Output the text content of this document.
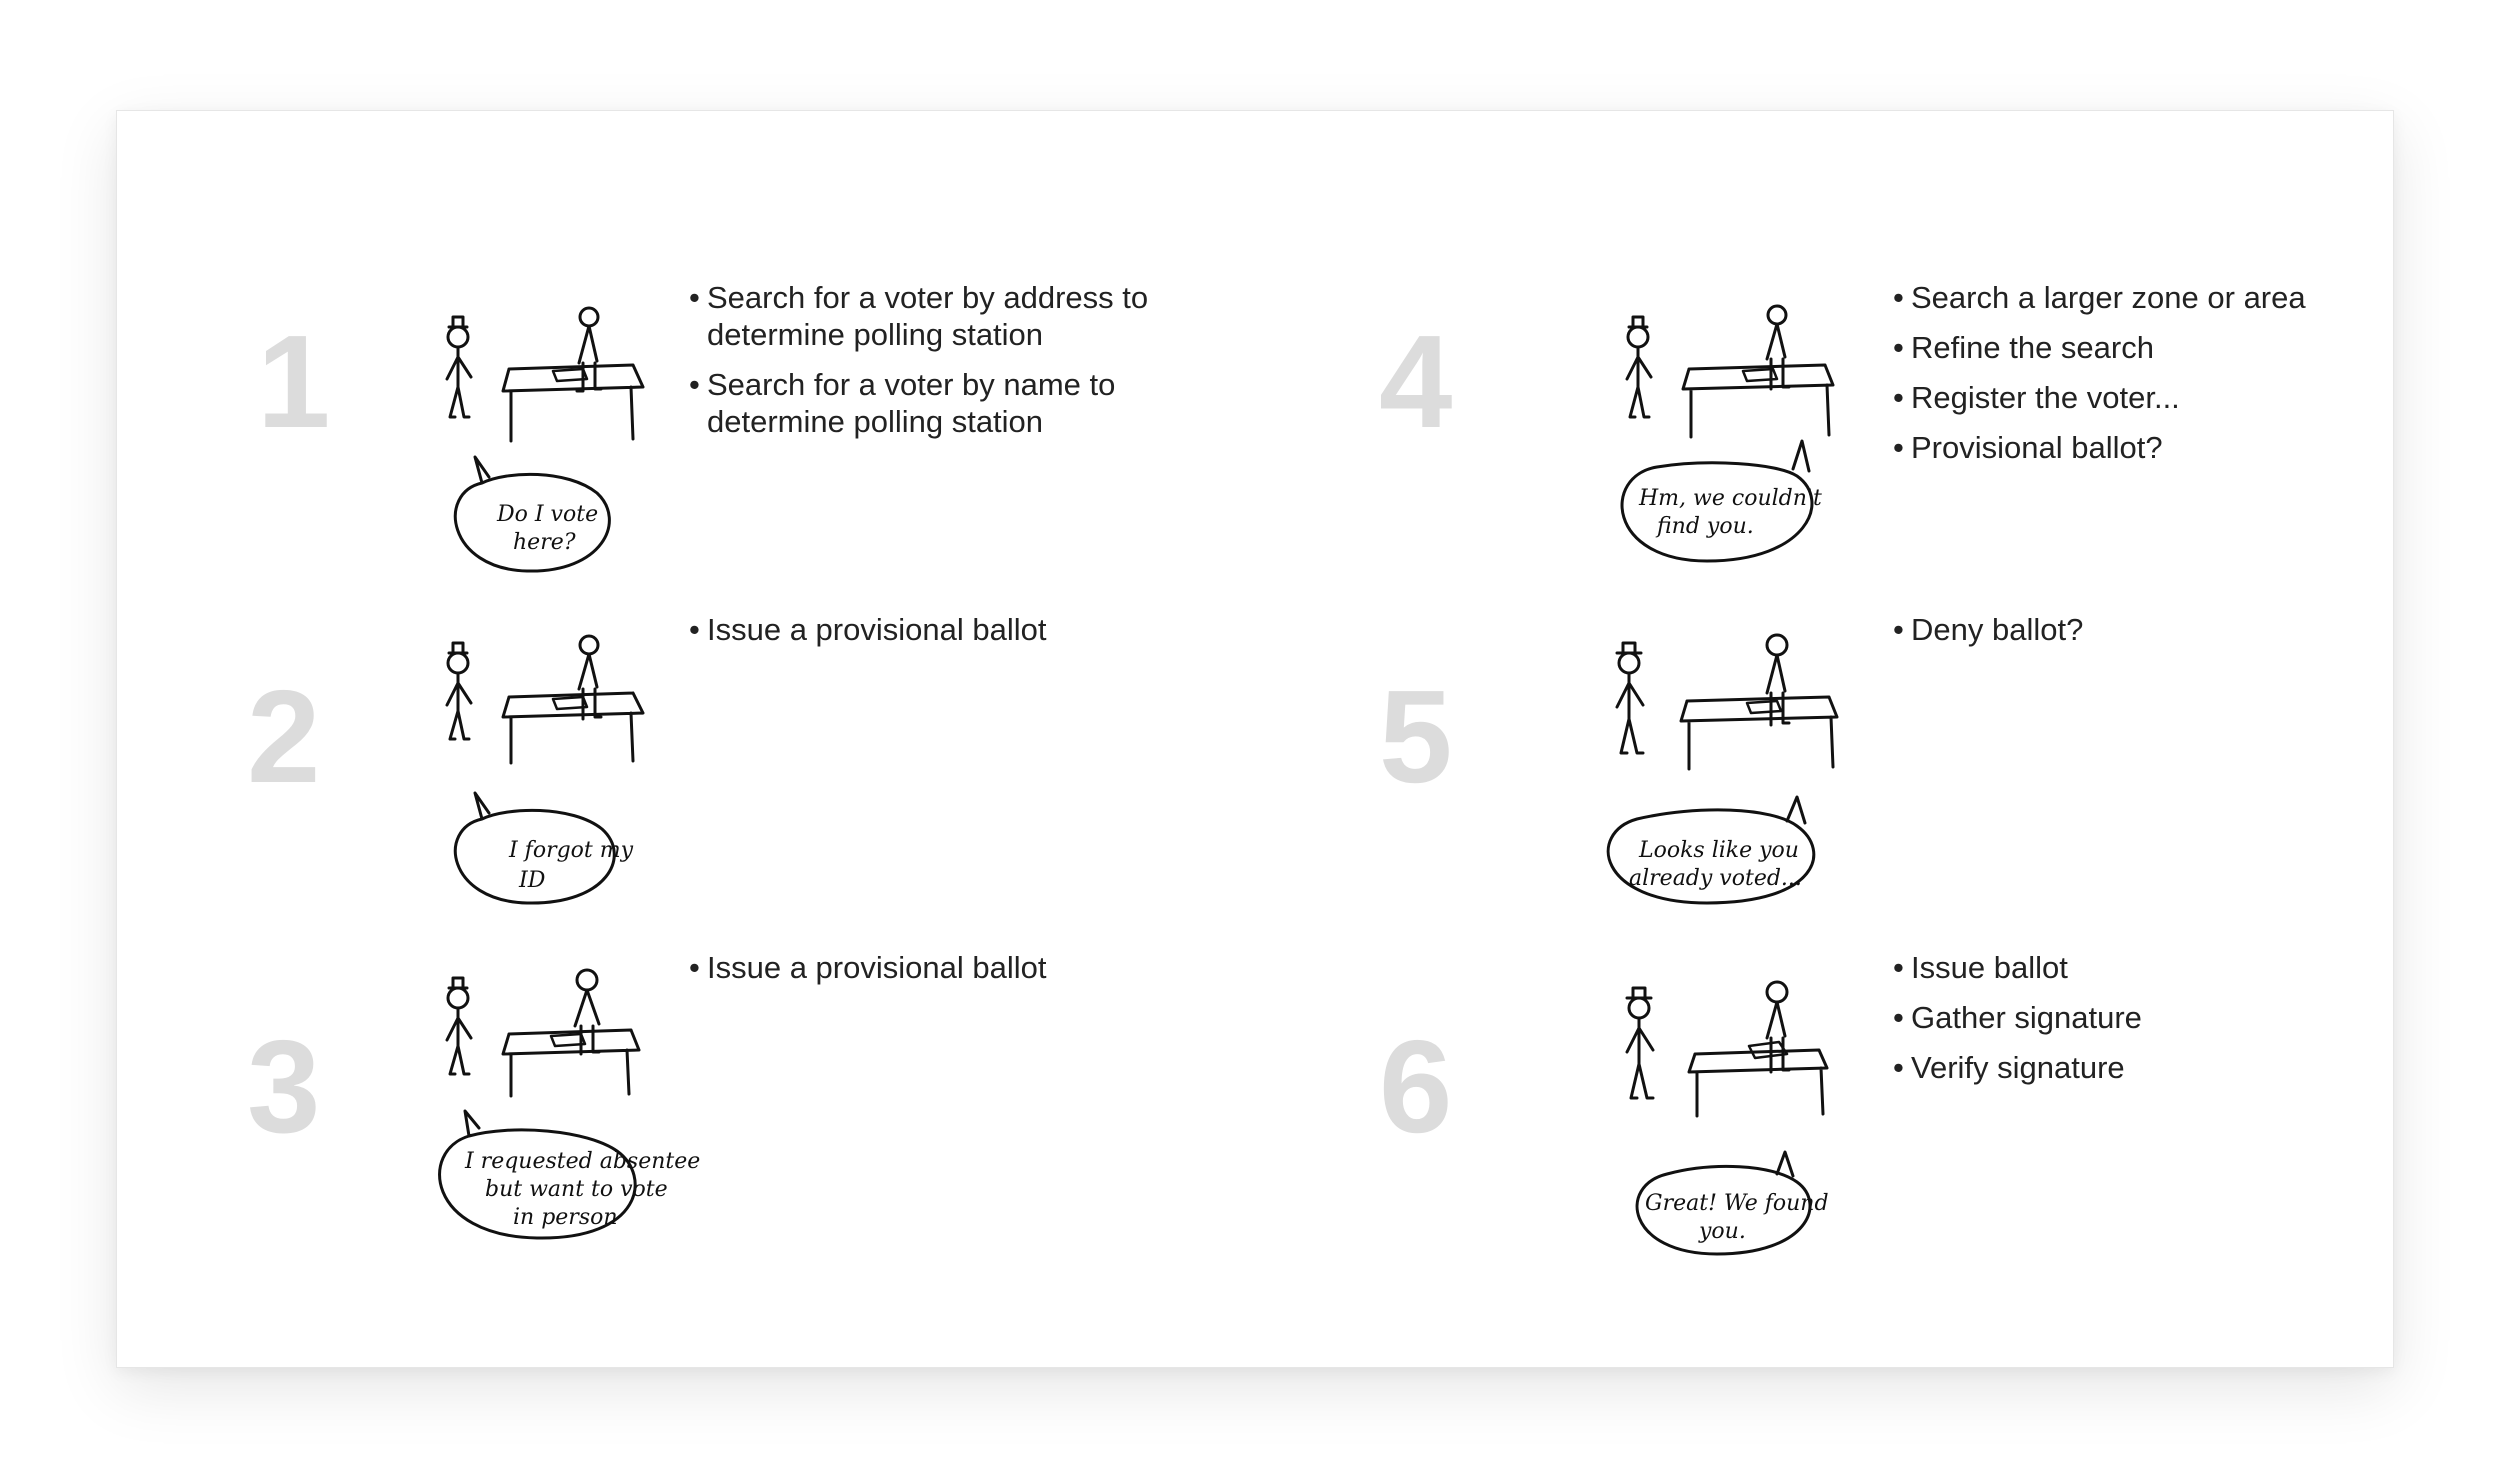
1
Do I vote
here?
• Search for a voter by address to determine polling station
• Search for a voter by name to determine polling station
2
I forgot my
ID
• Issue a provisional ballot
3
I requested absentee
but want to vote
in person
• Issue a provisional ballot
4
Hm, we couldn't
find you.
• Search a larger zone or area
• Refine the search
• Register the voter...
• Provisional ballot?
5
Looks like you
already voted...
• Deny ballot?
6
Great! We found
you.
• Issue ballot
• Gather signature
• Verify signature
